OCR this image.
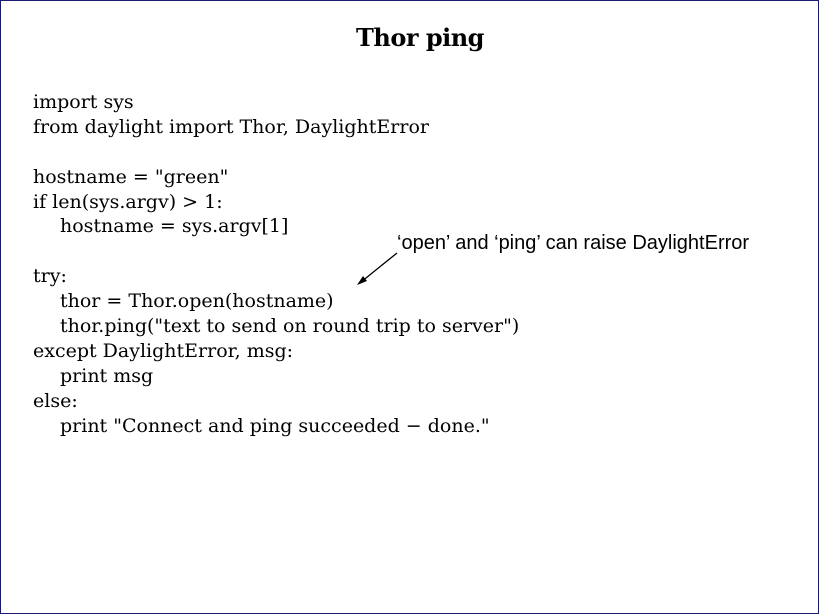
Thor ping
import sys
from daylight import Thor, DaylightError
hostname = "green"
if len(sys.argv) > 1:
hostname = sys.argv[1]
try:
thor = Thor.open(hostname)
thor.ping("text to send on round trip to server")
except DaylightError, msg:
print msg
else:
print "Connect and ping succeeded − done."
‘open’ and ‘ping’ can raise DaylightError
